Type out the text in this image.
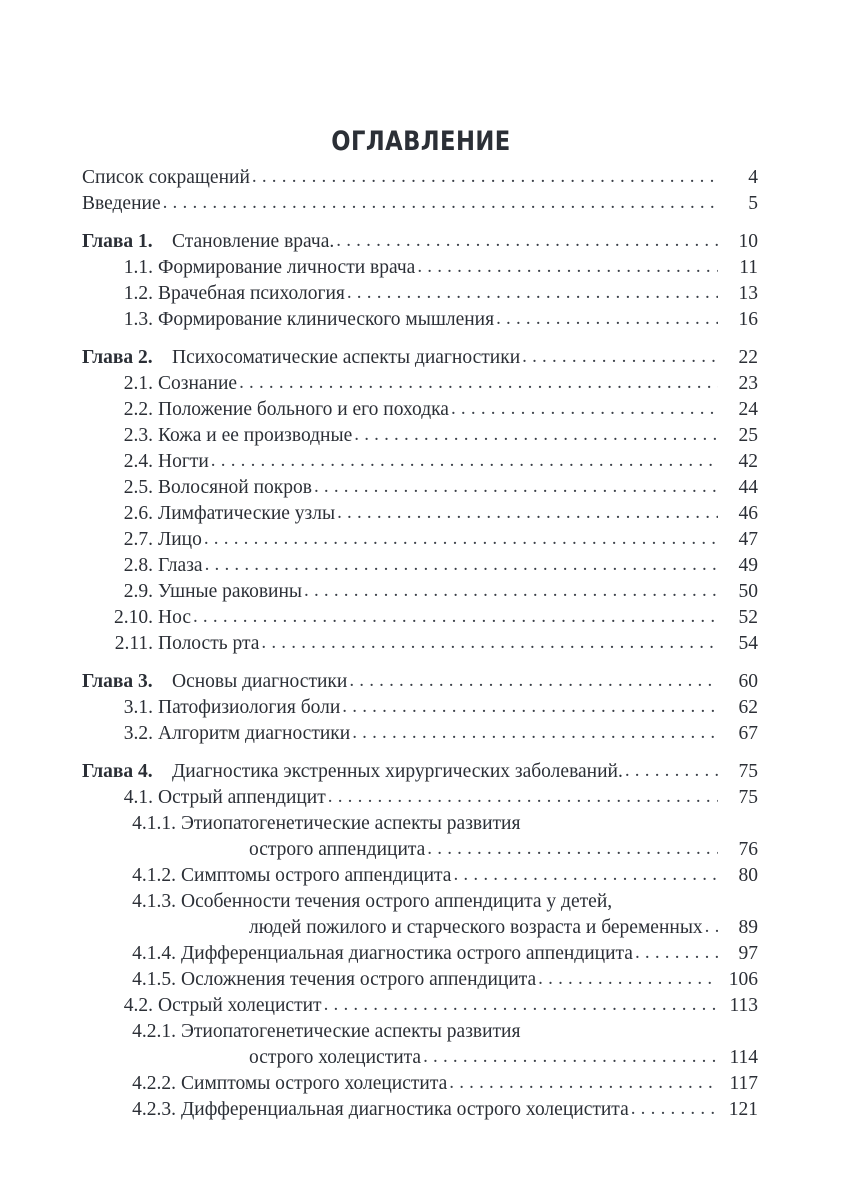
ОГЛАВЛЕНИЕ
Список сокращений .....	4
Введение .....	5
Глава 1. Становление врача. .....	10
1.1. Формирование личности врача .....	11
1.2. Врачебная психология .....	13
1.3. Формирование клинического мышления .....	16
Глава 2. Психосоматические аспекты диагностики .....	22
2.1. Сознание .....	23
2.2. Положение больного и его походка .....	24
2.3. Кожа и ее производные .....	25
2.4. Ногти .....	42
2.5. Волосяной покров .....	44
2.6. Лимфатические узлы .....	46
2.7. Лицо .....	47
2.8. Глаза .....	49
2.9. Ушные раковины .....	50
2.10. Нос .....	52
2.11. Полость рта .....	54
Глава 3. Основы диагностики .....	60
3.1. Патофизиология боли .....	62
3.2. Алгоритм диагностики .....	67
Глава 4. Диагностика экстренных хирургических заболеваний. .....	75
4.1. Острый аппендицит .....	75
4.1.1. Этиопатогенетические аспекты развития
острого аппендицита .....	76
4.1.2. Симптомы острого аппендицита .....	80
4.1.3. Особенности течения острого аппендицита у детей,
людей пожилого и старческого возраста и беременных .....	89
4.1.4. Дифференциальная диагностика острого аппендицита .....	97
4.1.5. Осложнения течения острого аппендицита .....	106
4.2. Острый холецистит .....	113
4.2.1. Этиопатогенетические аспекты развития
острого холецистита .....	114
4.2.2. Симптомы острого холецистита .....	117
4.2.3. Дифференциальная диагностика острого холецистита .....	121
